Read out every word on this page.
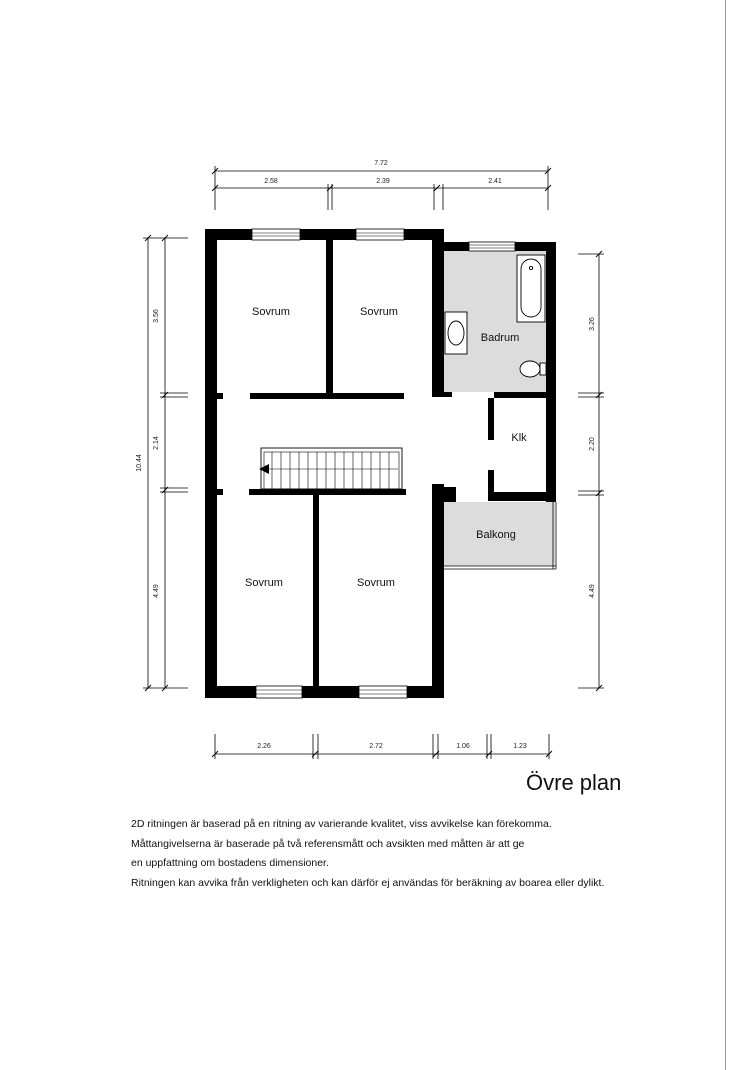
7.72
2.58	2.39	2.41
10.44
3.56
2.14
4.49
3.26
2.20
4.49
2.26	2.72	1.06	1.23
Sovrum	Sovrum
Badrum
Klk
Balkong
Sovrum	Sovrum
Övre plan
2D ritningen är baserad på en ritning av varierande kvalitet, viss avvikelse kan förekomma.
Måttangivelserna är baserade på två referensmått och avsikten med måtten är att ge
en uppfattning om bostadens dimensioner.
Ritningen kan avvika från verkligheten och kan därför ej användas för beräkning av boarea eller dylikt.
